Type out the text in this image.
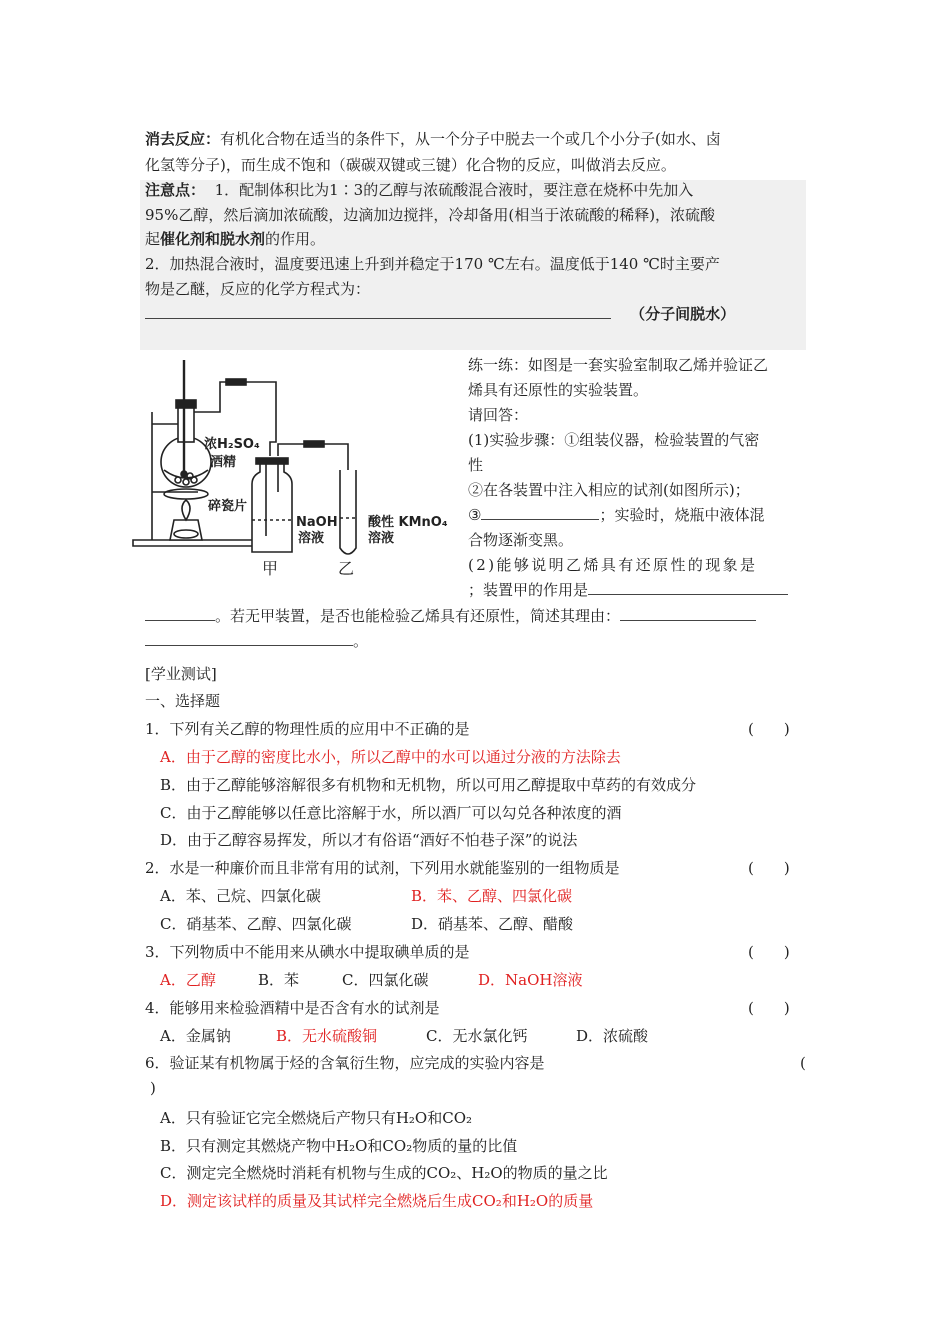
消去反应：有机化合物在适当的条件下，从一个分子中脱去一个或几个小分子(如水、卤
化氢等分子)，而生成不饱和（碳碳双键或三键）化合物的反应，叫做消去反应。
注意点： 1．配制体积比为1∶3的乙醇与浓硫酸混合液时，要注意在烧杯中先加入
95%乙醇，然后滴加浓硫酸，边滴加边搅拌，冷却备用(相当于浓硫酸的稀释)，浓硫酸
起催化剂和脱水剂的作用。
2．加热混合液时，温度要迅速上升到并稳定于170 ℃左右。温度低于140 ℃时主要产
物是乙醚，反应的化学方程式为：
（分子间脱水）
浓H₂SO₄
酒精
碎瓷片
NaOH
溶液
酸性 KMnO₄
溶液
甲	乙
练一练：如图是一套实验室制取乙烯并验证乙
烯具有还原性的实验装置。
请回答：
(1)实验步骤：①组装仪器，检验装置的气密
性
②在各装置中注入相应的试剂(如图所示)；
③	；实验时，烧瓶中液体混
合物逐渐变黑。
(2)能够说明乙烯具有还原性的现象是
；装置甲的作用是
。若无甲装置，是否也能检验乙烯具有还原性，简述其理由：
。
[学业测试]
一、选择题
1．下列有关乙醇的物理性质的应用中不正确的是	(　　)
A．由于乙醇的密度比水小，所以乙醇中的水可以通过分液的方法除去
B．由于乙醇能够溶解很多有机物和无机物，所以可用乙醇提取中草药的有效成分
C．由于乙醇能够以任意比溶解于水，所以酒厂可以勾兑各种浓度的酒
D．由于乙醇容易挥发，所以才有俗语“酒好不怕巷子深”的说法
2．水是一种廉价而且非常有用的试剂，下列用水就能鉴别的一组物质是	(　　)
A．苯、己烷、四氯化碳	B．苯、乙醇、四氯化碳
C．硝基苯、乙醇、四氯化碳	D．硝基苯、乙醇、醋酸
3．下列物质中不能用来从碘水中提取碘单质的是	(　　)
A．乙醇	B．苯	C．四氯化碳	D．NaOH溶液
4．能够用来检验酒精中是否含有水的试剂是	(　　)
A．金属钠	B．无水硫酸铜	C．无水氯化钙	D．浓硫酸
6．验证某有机物属于烃的含氧衍生物，应完成的实验内容是	(
)
A．只有验证它完全燃烧后产物只有H₂O和CO₂
B．只有测定其燃烧产物中H₂O和CO₂物质的量的比值
C．测定完全燃烧时消耗有机物与生成的CO₂、H₂O的物质的量之比
D．测定该试样的质量及其试样完全燃烧后生成CO₂和H₂O的质量
